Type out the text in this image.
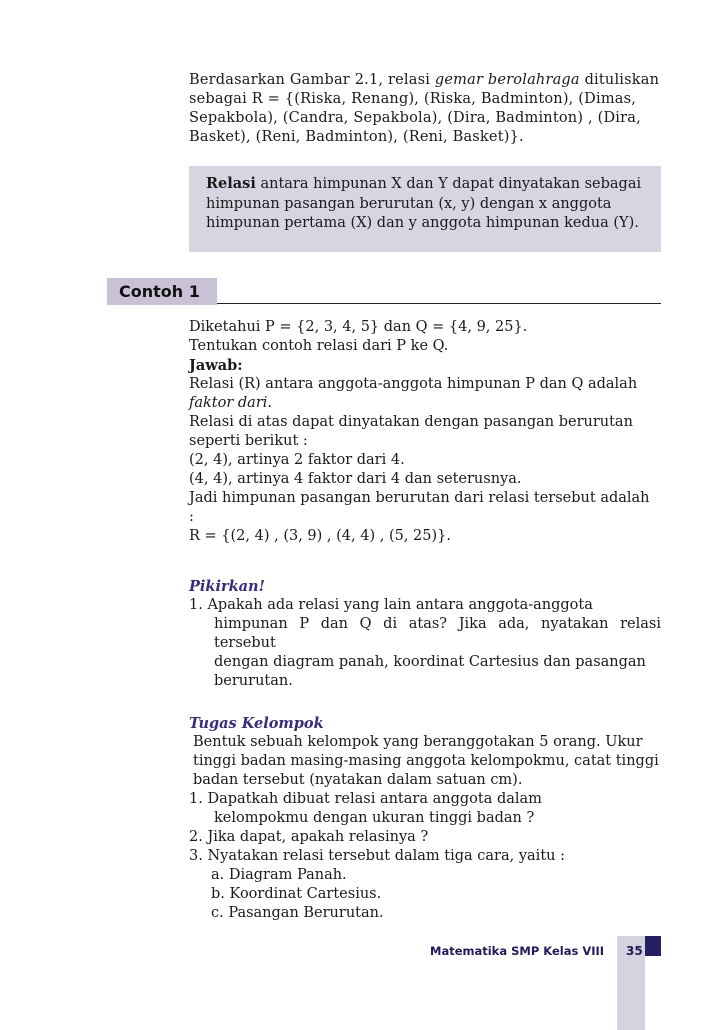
Berdasarkan Gambar 2.1, relasi gemar berolahraga dituliskan
sebagai R = {(Riska, Renang), (Riska, Badminton), (Dimas,
Sepakbola), (Candra, Sepakbola), (Dira, Badminton) , (Dira,
Basket), (Reni, Badminton), (Reni, Basket)}.
Relasi antara himpunan X dan Y dapat dinyatakan sebagai
himpunan pasangan berurutan (x, y) dengan x anggota
himpunan pertama (X) dan y anggota himpunan kedua (Y).
Contoh 1
Diketahui P = {2, 3, 4, 5} dan Q = {4, 9, 25}.
Tentukan contoh relasi dari P ke Q.
Jawab:
Relasi (R) antara anggota-anggota himpunan P dan Q adalah
faktor dari.
Relasi di atas dapat dinyatakan dengan pasangan berurutan
seperti berikut :
(2, 4), artinya 2 faktor dari 4.
(4, 4), artinya 4 faktor dari 4 dan seterusnya.
Jadi himpunan pasangan berurutan dari relasi tersebut adalah
:
R = {(2, 4) , (3, 9) , (4, 4) , (5, 25)}.
Pikirkan!
1. Apakah ada relasi yang lain antara anggota-anggota
himpunan P dan Q di atas? Jika ada, nyatakan relasi tersebut
dengan diagram panah, koordinat Cartesius dan pasangan
berurutan.
Tugas Kelompok
Bentuk sebuah kelompok yang beranggotakan 5 orang. Ukur
tinggi badan masing-masing anggota kelompokmu, catat tinggi
badan tersebut (nyatakan dalam satuan cm).
1. Dapatkah dibuat relasi antara anggota dalam
kelompokmu dengan ukuran tinggi badan ?
2. Jika dapat, apakah relasinya ?
3. Nyatakan relasi tersebut dalam tiga cara, yaitu :
a. Diagram Panah.
b. Koordinat Cartesius.
c. Pasangan Berurutan.
Matematika SMP Kelas VIII 35
